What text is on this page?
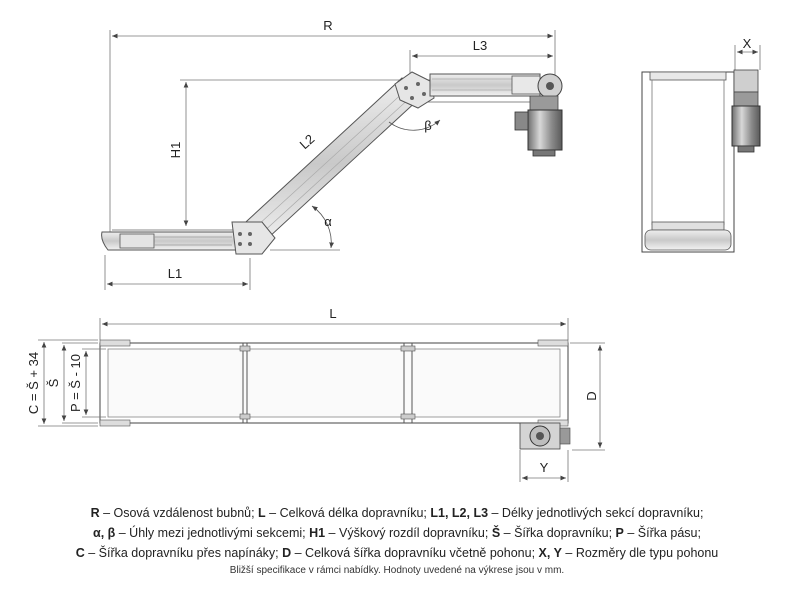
R
L3
H1
β
α
L2
L1
X
L
D
Y
C = Š + 34 Š P = Š - 10
R – Osová vzdálenost bubnů; L – Celková délka dopravníku; L1, L2, L3 – Délky jednotlivých sekcí dopravníku;
α, β – Úhly mezi jednotlivými sekcemi; H1 – Výškový rozdíl dopravníku; Š – Šířka dopravníku; P – Šířka pásu;
C – Šířka dopravníku přes napínáky; D – Celková šířka dopravníku včetně pohonu; X, Y – Rozměry dle typu pohonu
Bližší specifikace v rámci nabídky. Hodnoty uvedené na výkrese jsou v mm.
